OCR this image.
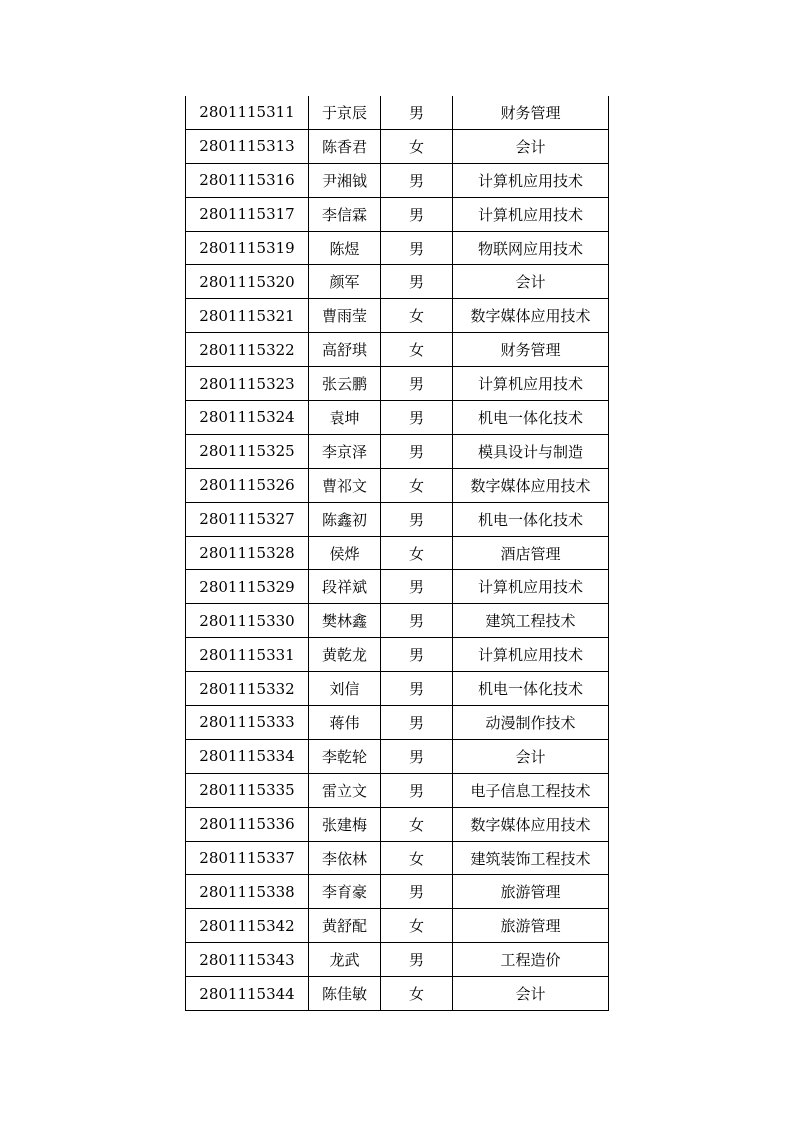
2801115311	于京辰	男	财务管理
2801115313	陈香君	女	会计
2801115316	尹湘钺	男	计算机应用技术
2801115317	李信霖	男	计算机应用技术
2801115319	陈煜	男	物联网应用技术
2801115320	颜军	男	会计
2801115321	曹雨莹	女	数字媒体应用技术
2801115322	高舒琪	女	财务管理
2801115323	张云鹏	男	计算机应用技术
2801115324	袁坤	男	机电一体化技术
2801115325	李京泽	男	模具设计与制造
2801115326	曹祁文	女	数字媒体应用技术
2801115327	陈鑫初	男	机电一体化技术
2801115328	侯烨	女	酒店管理
2801115329	段祥斌	男	计算机应用技术
2801115330	樊林鑫	男	建筑工程技术
2801115331	黄乾龙	男	计算机应用技术
2801115332	刘信	男	机电一体化技术
2801115333	蒋伟	男	动漫制作技术
2801115334	李乾轮	男	会计
2801115335	雷立文	男	电子信息工程技术
2801115336	张建梅	女	数字媒体应用技术
2801115337	李依林	女	建筑装饰工程技术
2801115338	李育豪	男	旅游管理
2801115342	黄舒配	女	旅游管理
2801115343	龙武	男	工程造价
2801115344	陈佳敏	女	会计
